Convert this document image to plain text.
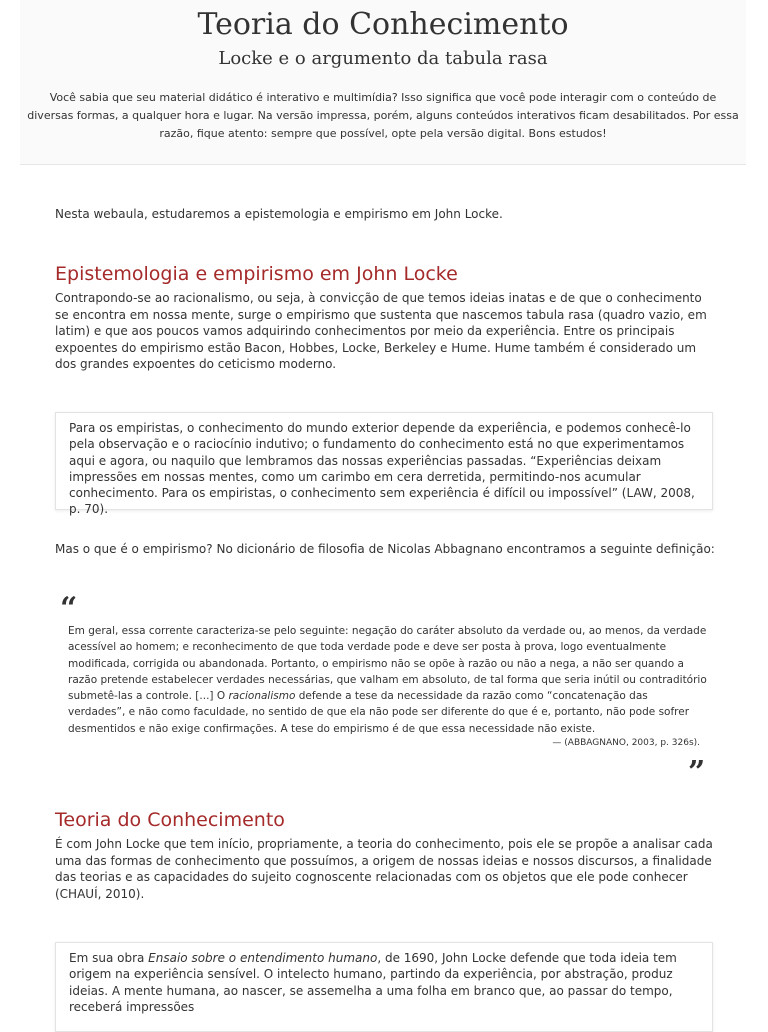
Teoria do Conhecimento
Locke e o argumento da tabula rasa
Você sabia que seu material didático é interativo e multimídia? Isso significa que você pode interagir com o conteúdo de diversas formas, a qualquer hora e lugar. Na versão impressa, porém, alguns conteúdos interativos ficam desabilitados. Por essa razão, fique atento: sempre que possível, opte pela versão digital. Bons estudos!
Nesta webaula, estudaremos a epistemologia e empirismo em John Locke.
Epistemologia e empirismo em John Locke
Contrapondo-se ao racionalismo, ou seja, à convicção de que temos ideias inatas e de que o conhecimento se encontra em nossa mente, surge o empirismo que sustenta que nascemos tabula rasa (quadro vazio, em latim) e que aos poucos vamos adquirindo conhecimentos por meio da experiência. Entre os principais expoentes do empirismo estão Bacon, Hobbes, Locke, Berkeley e Hume. Hume também é considerado um dos grandes expoentes do ceticismo moderno.
Para os empiristas, o conhecimento do mundo exterior depende da experiência, e podemos conhecê-lo pela observação e o raciocínio indutivo; o fundamento do conhecimento está no que experimentamos aqui e agora, ou naquilo que lembramos das nossas experiências passadas. “Experiências deixam impressões em nossas mentes, como um carimbo em cera derretida, permitindo-nos acumular conhecimento. Para os empiristas, o conhecimento sem experiência é difícil ou impossível” (LAW, 2008, p. 70).
Mas o que é o empirismo? No dicionário de filosofia de Nicolas Abbagnano encontramos a seguinte definição:
“
Em geral, essa corrente caracteriza-se pelo seguinte: negação do caráter absoluto da verdade ou, ao menos, da verdade acessível ao homem; e reconhecimento de que toda verdade pode e deve ser posta à prova, logo eventualmente modificada, corrigida ou abandonada. Portanto, o empirismo não se opõe à razão ou não a nega, a não ser quando a razão pretende estabelecer verdades necessárias, que valham em absoluto, de tal forma que seria inútil ou contraditório submetê-las a controle. [...] O racionalismo defende a tese da necessidade da razão como “concatenação das verdades”, e não como faculdade, no sentido de que ela não pode ser diferente do que é e, portanto, não pode sofrer desmentidos e não exige confirmações. A tese do empirismo é de que essa necessidade não existe.
— (ABBAGNANO, 2003, p. 326s).
”
Teoria do Conhecimento
É com John Locke que tem início, propriamente, a teoria do conhecimento, pois ele se propõe a analisar cada uma das formas de conhecimento que possuímos, a origem de nossas ideias e nossos discursos, a finalidade das teorias e as capacidades do sujeito cognoscente relacionadas com os objetos que ele pode conhecer (CHAUÍ, 2010).
Em sua obra Ensaio sobre o entendimento humano, de 1690, John Locke defende que toda ideia tem origem na experiência sensível. O intelecto humano, partindo da experiência, por abstração, produz ideias. A mente humana, ao nascer, se assemelha a uma folha em branco que, ao passar do tempo, receberá impressões
